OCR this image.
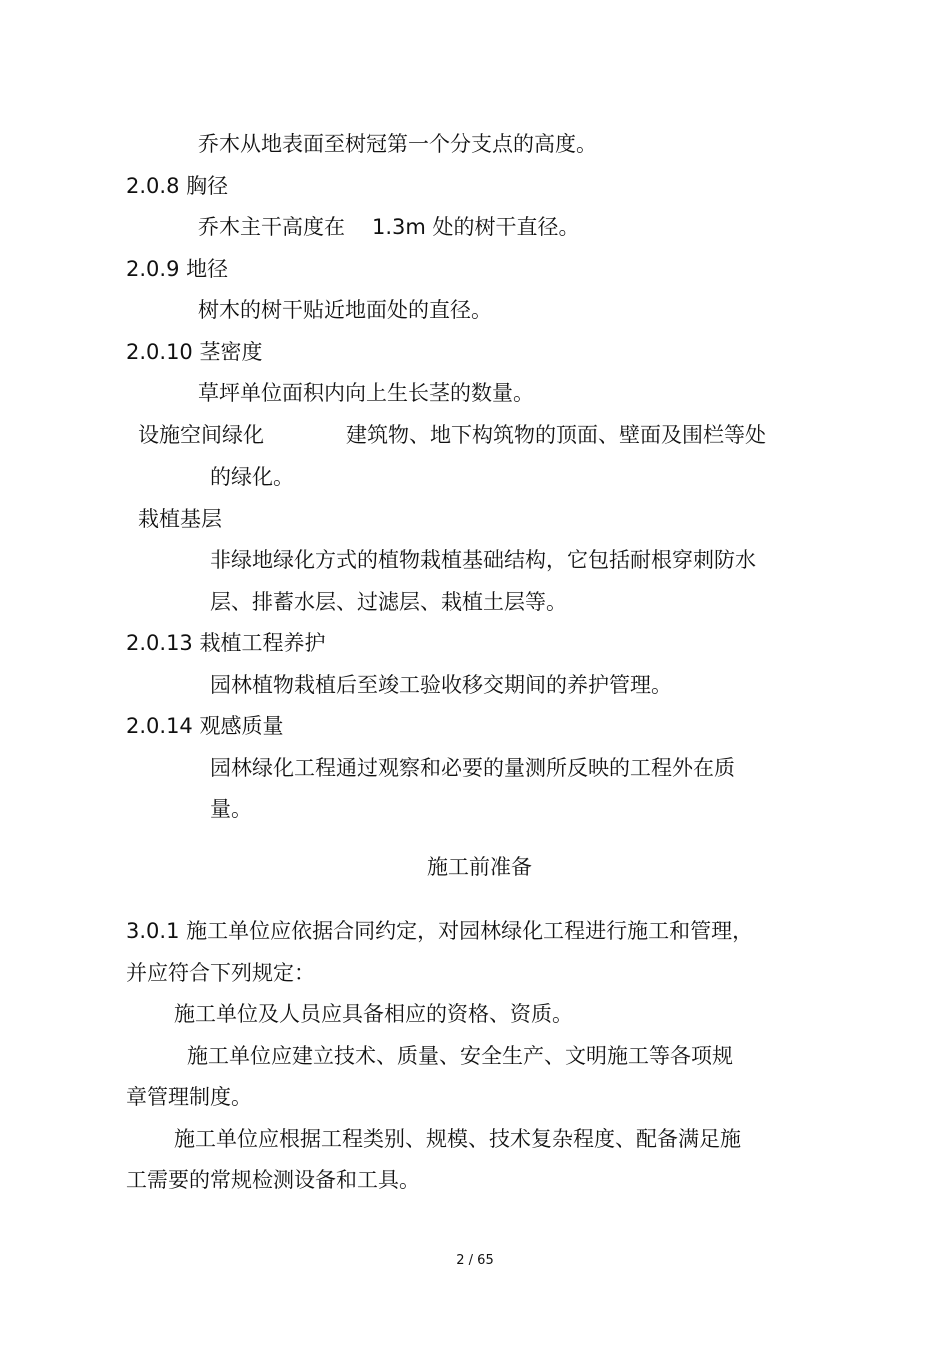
乔木从地表面至树冠第一个分支点的高度。
2.0.8 胸径
乔木主干高度在 1.3m 处的树干直径。
2.0.9 地径
树木的树干贴近地面处的直径。
2.0.10 茎密度
草坪单位面积内向上生长茎的数量。
设施空间绿化	建筑物、地下构筑物的顶面、壁面及围栏等处
的绿化。
栽植基层
非绿地绿化方式的植物栽植基础结构，它包括耐根穿刺防水
层、排蓄水层、过滤层、栽植土层等。
2.0.13 栽植工程养护
园林植物栽植后至竣工验收移交期间的养护管理。
2.0.14 观感质量
园林绿化工程通过观察和必要的量测所反映的工程外在质
量。
施工前准备
3.0.1 施工单位应依据合同约定，对园林绿化工程进行施工和管理，
并应符合下列规定：
施工单位及人员应具备相应的资格、资质。
施工单位应建立技术、质量、安全生产、文明施工等各项规
章管理制度。
施工单位应根据工程类别、规模、技术复杂程度、配备满足施
工需要的常规检测设备和工具。
2 / 65
